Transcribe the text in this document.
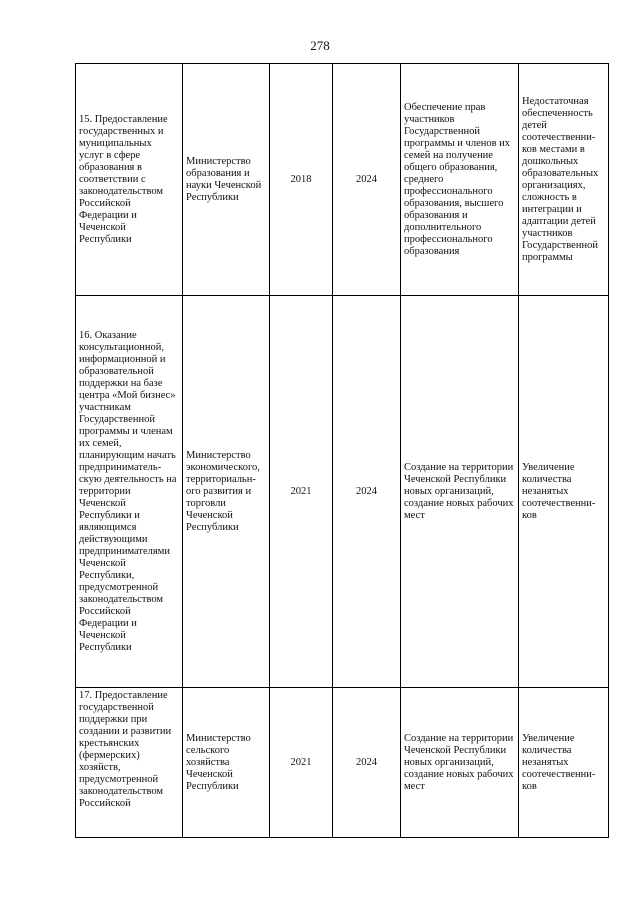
278
15. Предоставление государственных и муниципальных услуг в сфере образования в соответствии с законодательством Российской Федерации и Чеченской Республики	Министерство образования и науки Чеченской Республики	2018	2024	Обеспечение прав участников Государственной программы и членов их семей на получение общего образования, среднего профессионального образования, высшего образования и дополнительного профессионального образования	Недостаточная обеспеченность детей соотечественников местами в дошкольных образовательных организациях, сложность в интеграции и адаптации детей участников Государственной программы
16. Оказание консультационной, информационной и образовательной поддержки на базе центра «Мой бизнес» участникам Государственной программы и членам их семей, планирующим начать предпринимательскую деятельность на территории Чеченской Республики и являющимся действующими предпринимателями Чеченской Республики, предусмотренной законодательством Российской Федерации и Чеченской Республики	Министерство экономического, территориального развития и торговли Чеченской Республики	2021	2024	Создание на территории Чеченской Республики новых организаций, создание новых рабочих мест	Увеличение количества незанятых соотечественников
17. Предоставление государственной поддержки при создании и развитии крестьянских (фермерских) хозяйств, предусмотренной законодательством Российской	Министерство сельского хозяйства Чеченской Республики	2021	2024	Создание на территории Чеченской Республики новых организаций, создание новых рабочих мест	Увеличение количества незанятых соотечественников
